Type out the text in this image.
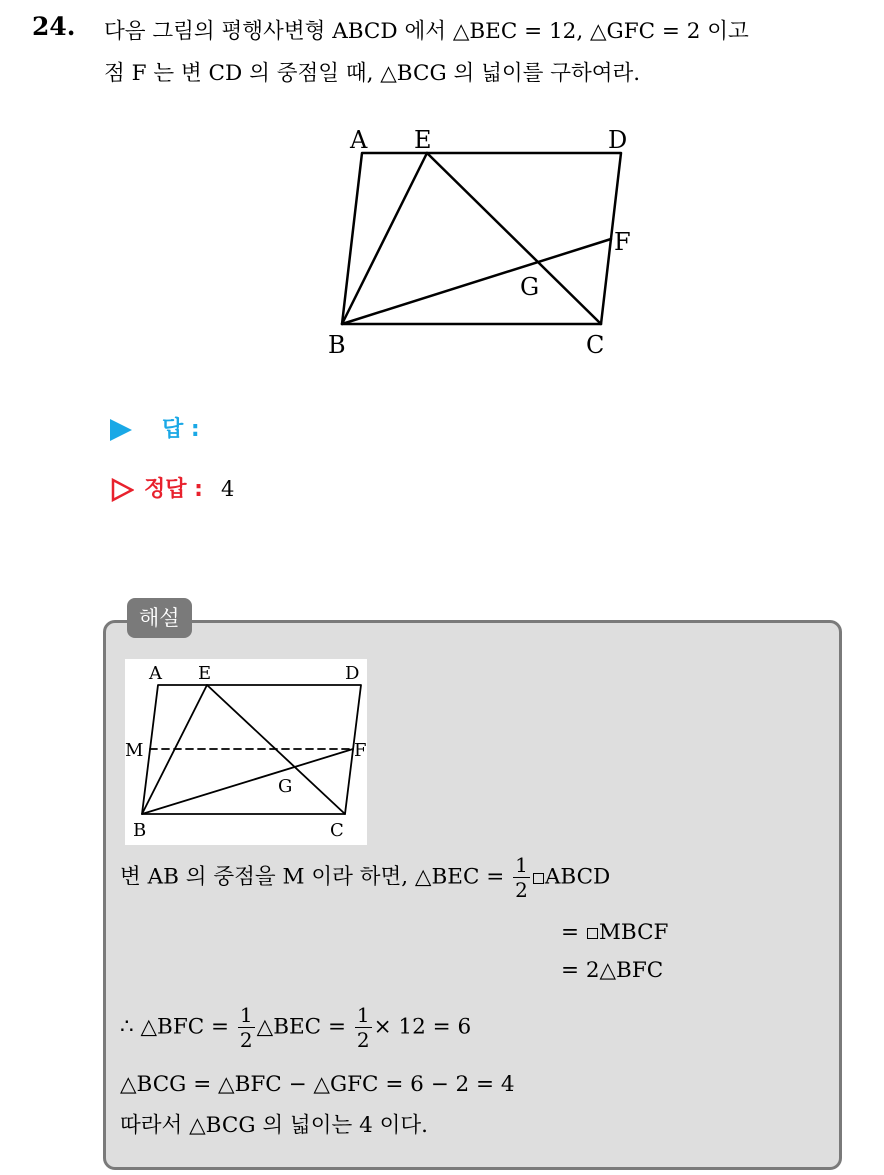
24. 다음 그림의 평행사변형 ABCD 에서 △BEC = 12, △GFC = 2 이고
점 F 는 변 CD 의 중점일 때, △BCG 의 넓이를 구하여라.
A E	D
F
G
B	C
답 :
정답 : 4
해설
A E	D
M	F
G
B	C
변 AB 의 중점을 M 이라 하면, △BEC = $\frac{1}{2}$ ABCD
= MBCF
= 2△BFC
∴ △BFC = $\frac{1}{2}$ △BEC = $\frac{1}{2} \times 12 = 6$
△BCG = △BFC − △GFC = 6 − 2 = 4
따라서 △BCG 의 넓이는 4 이다.
